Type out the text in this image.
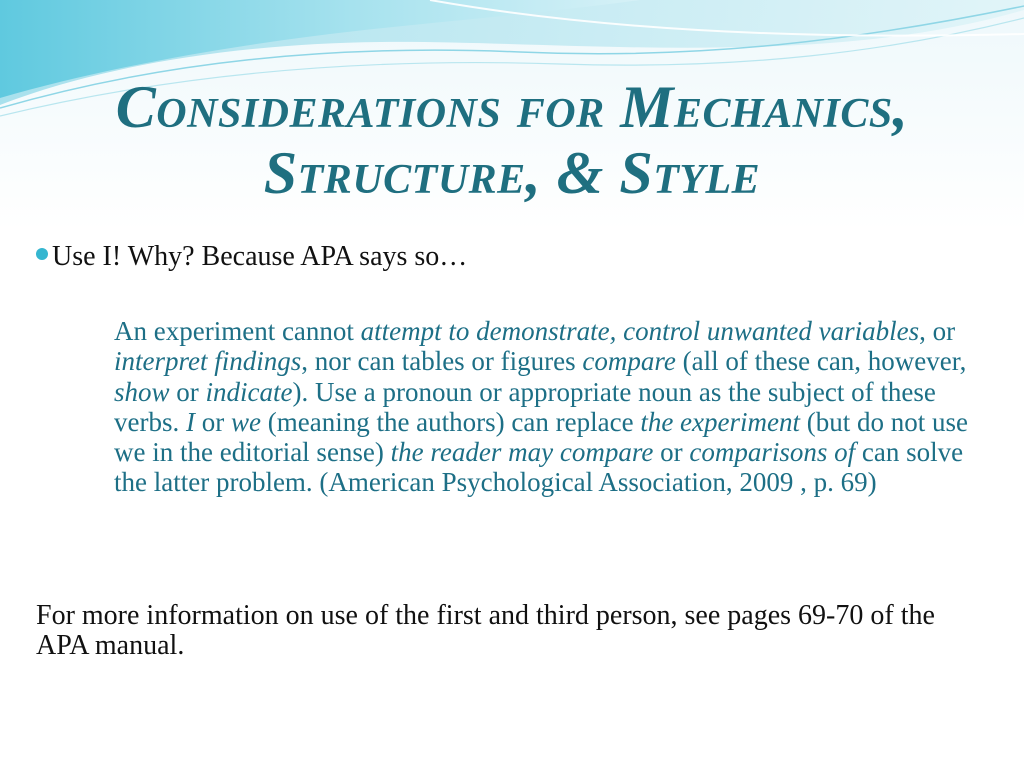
Considerations for Mechanics,
Structure, & Style
Use I! Why? Because APA says so…
An experiment cannot attempt to demonstrate, control unwanted variables, or interpret findings, nor can tables or figures compare (all of these can, however, show or indicate). Use a pronoun or appropriate noun as the subject of these verbs. I or we (meaning the authors) can replace the experiment (but do not use we in the editorial sense) the reader may compare or comparisons of can solve the latter problem. (American Psychological Association, 2009 , p. 69)
For more information on use of the first and third person, see pages 69-70 of the APA manual.
